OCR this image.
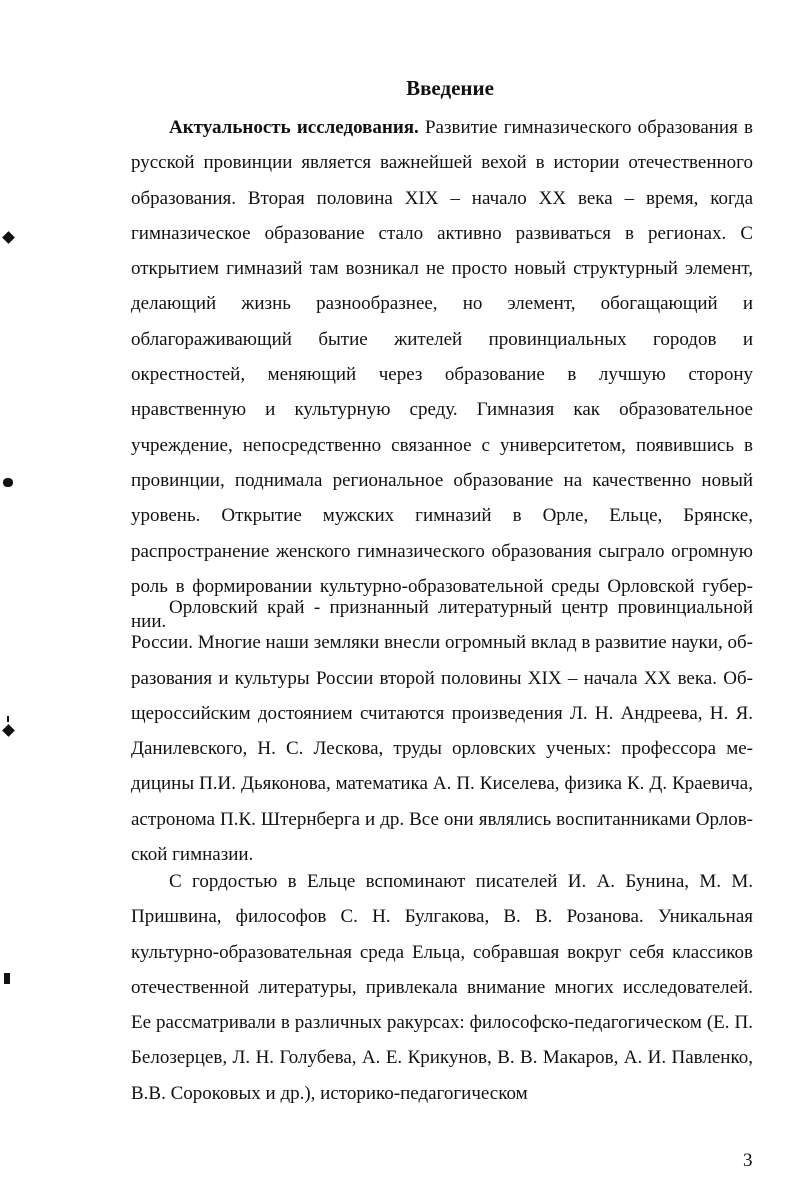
Введение

Актуальность исследования. Развитие гимназического образования в русской провинции является важнейшей вехой в истории отечественного образования. Вторая половина XIX – начало XX века – время, когда гимназическое образование стало активно развиваться в регионах. С открытием гимназий там возникал не просто новый структурный элемент, делающий жизнь разнообразнее, но элемент, обогащающий и облагораживающий бытие жителей провинциальных городов и окрестностей, меняющий через образование в лучшую сторону нравственную и культурную среду. Гимназия как образовательное учреждение, непосредственно связанное с университетом, появившись в провинции, поднимала региональное образование на качественно новый уровень. Открытие мужских гимназий в Орле, Ельце, Брянске, распространение женского гимназического образования сыграло огромную роль в формировании культурно-образовательной среды Орловской губернии.

Орловский край - признанный литературный центр провинциальной России. Многие наши земляки внесли огромный вклад в развитие науки, образования и культуры России второй половины XIX – начала XX века. Общероссийским достоянием считаются произведения Л. Н. Андреева, Н. Я. Данилевского, Н. С. Лескова, труды орловских ученых: профессора медицины П.И. Дьяконова, математика А. П. Киселева, физика К. Д. Краевича, астронома П.К. Штернберга и др. Все они являлись воспитанниками Орловской гимназии.

С гордостью в Ельце вспоминают писателей И. А. Бунина, М. М. Пришвина, философов С. Н. Булгакова, В. В. Розанова. Уникальная культурно-образовательная среда Ельца, собравшая вокруг себя классиков отечественной литературы, привлекала внимание многих исследователей. Ее рассматривали в различных ракурсах: философско-педагогическом (Е. П. Белозерцев, Л. Н. Голубева, А. Е. Крикунов, В. В. Макаров, А. И. Павленко, В.В. Сороковых и др.), историко-педагогическом

3
